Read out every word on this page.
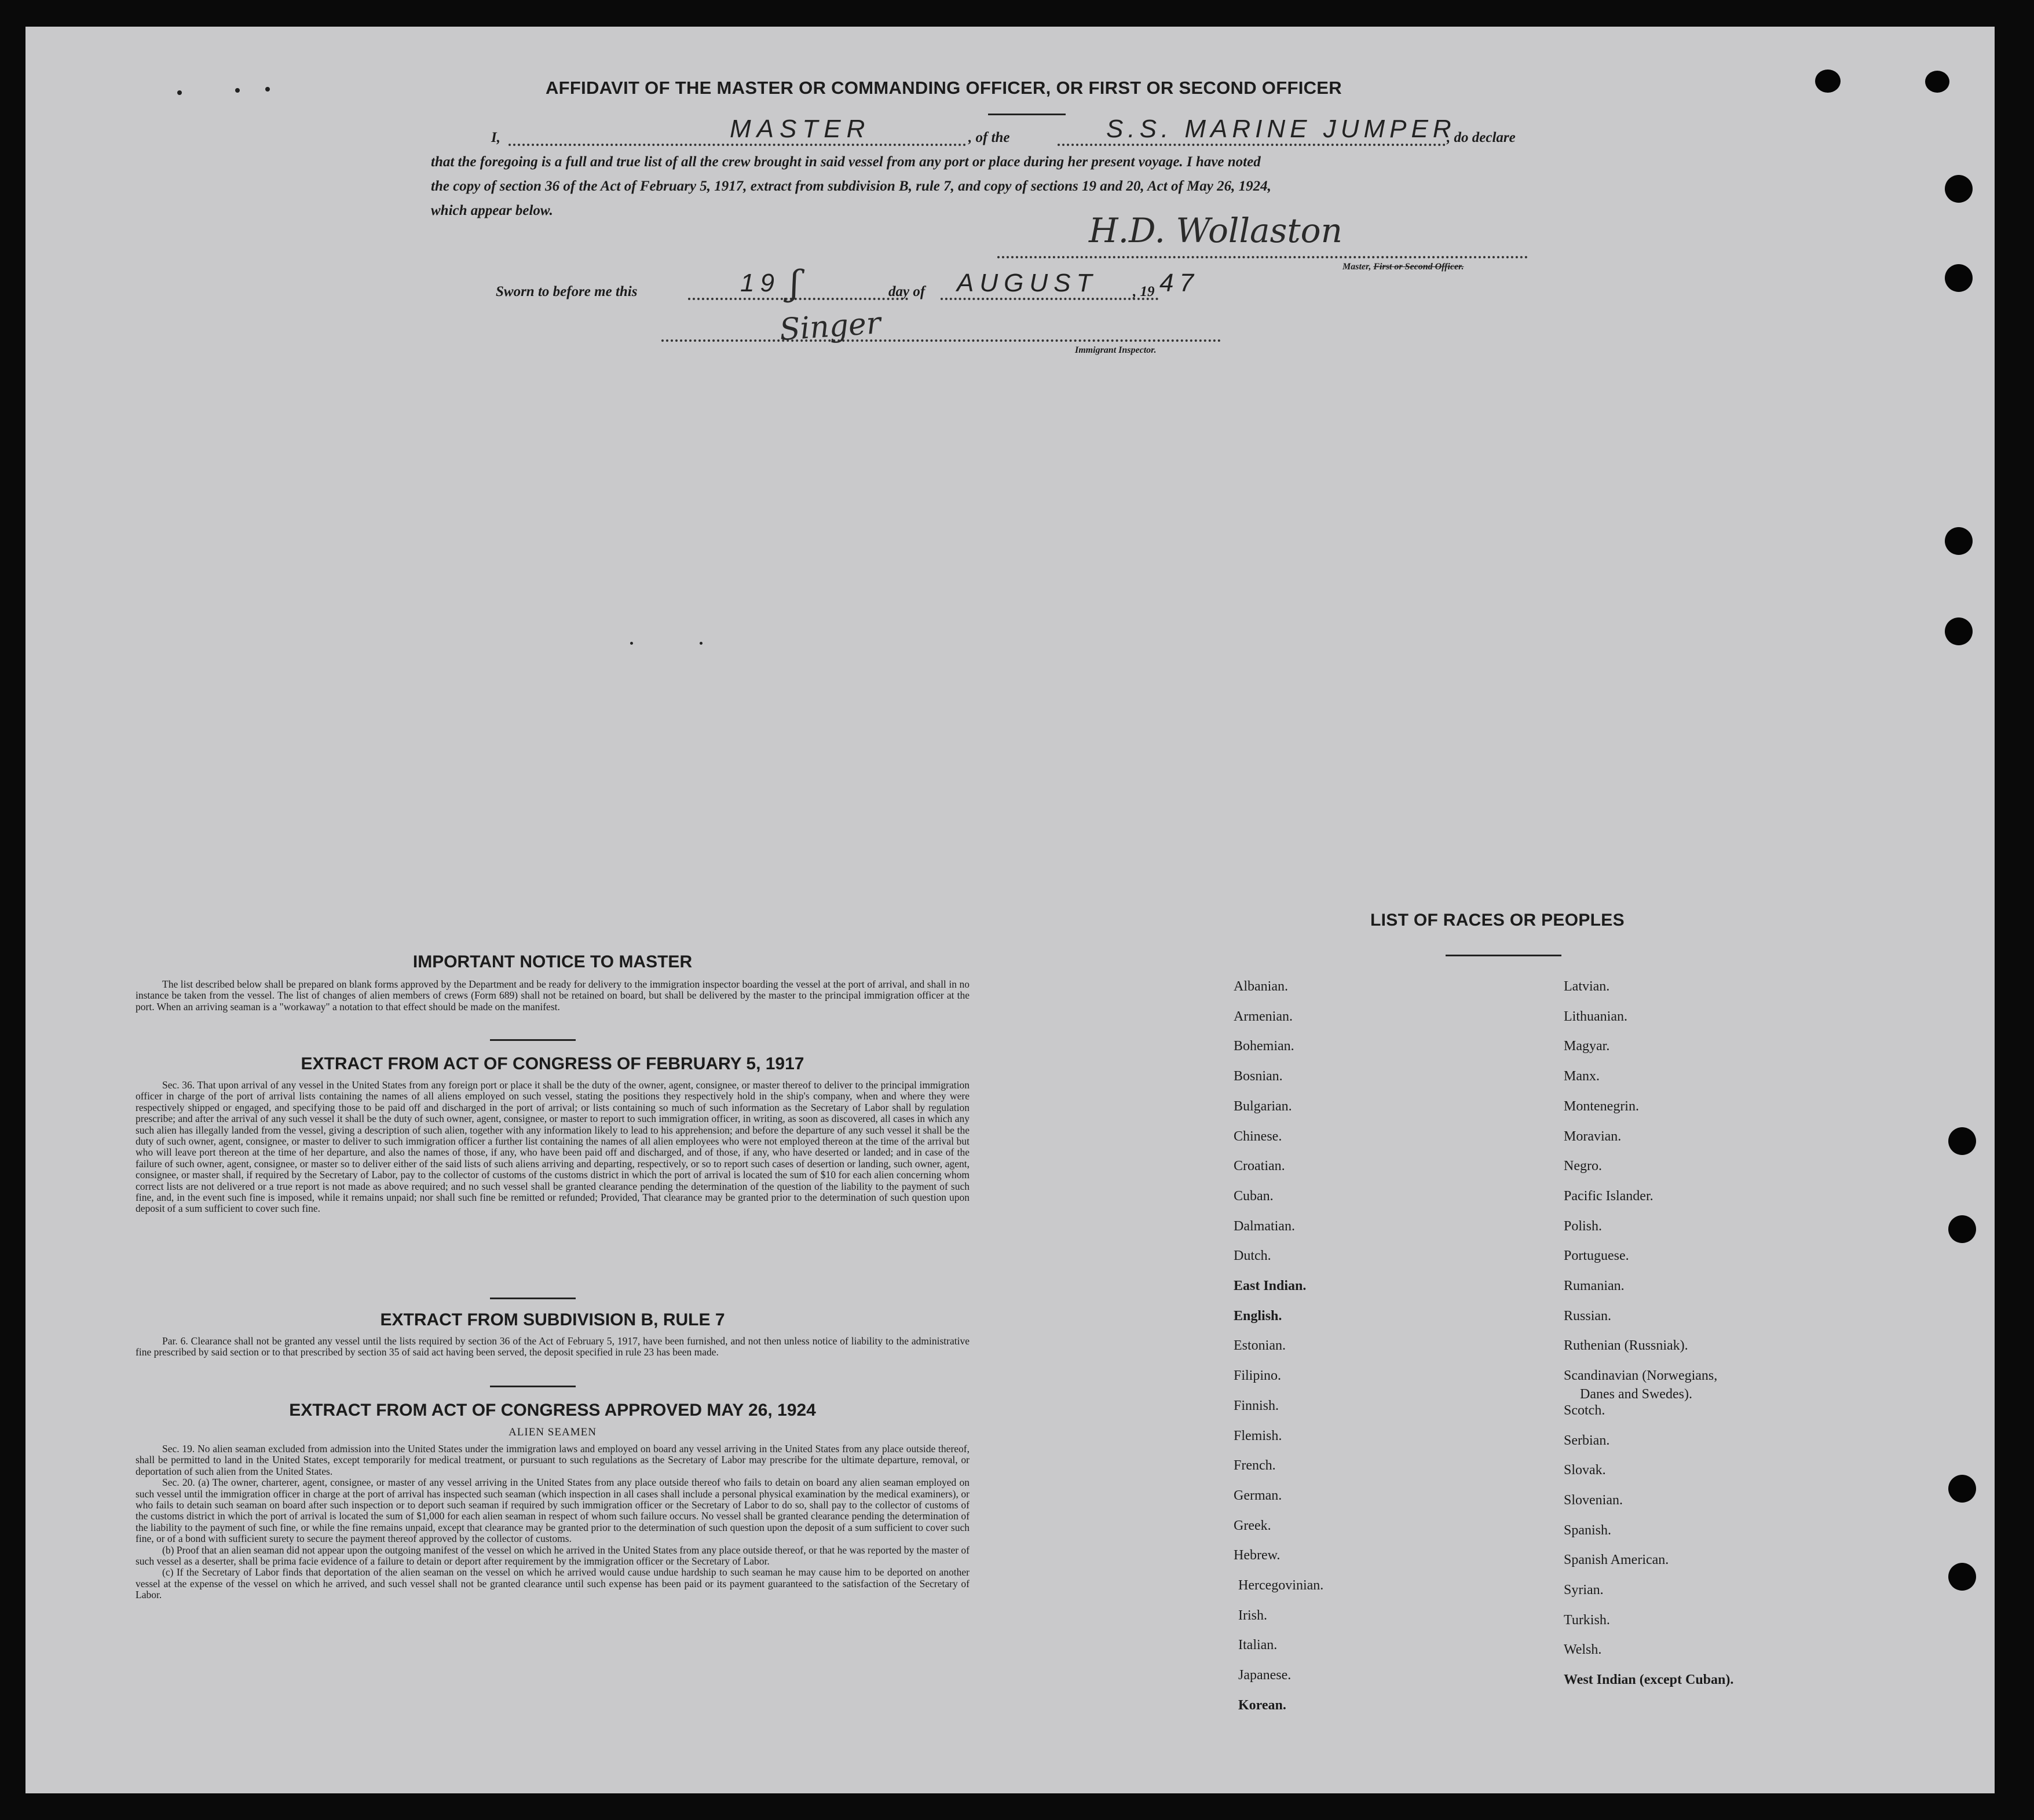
AFFIDAVIT OF THE MASTER OR COMMANDING OFFICER, OR FIRST OR SECOND OFFICER
I,	MASTER	, of the	S.S. MARINE JUMPER
, do declare
that the foregoing is a full and true list of all the crew brought in said vessel from any port or place during her present voyage. I have noted
the copy of section 36 of the Act of February 5, 1917, extract from subdivision B, rule 7, and copy of sections 19 and 20, Act of May 26, 1924,
which appear below.
H.D. Wollaston
Master, First or Second Officer.
Sworn to before me this	19 ʃ	day of AUGUST , 19 47
Singer
Immigrant Inspector.
IMPORTANT NOTICE TO MASTER
The list described below shall be prepared on blank forms approved by the Department and be ready for delivery to the immigration inspector boarding the vessel at the port of arrival, and shall in no instance be taken from the vessel. The list of changes of alien members of crews (Form 689) shall not be retained on board, but shall be delivered by the master to the principal immigration officer at the port. When an arriving seaman is a "workaway" a notation to that effect should be made on the manifest.
EXTRACT FROM ACT OF CONGRESS OF FEBRUARY 5, 1917
Sec. 36. That upon arrival of any vessel in the United States from any foreign port or place it shall be the duty of the owner, agent, consignee, or master thereof to deliver to the principal immigration officer in charge of the port of arrival lists containing the names of all aliens employed on such vessel, stating the positions they respectively hold in the ship's company, when and where they were respectively shipped or engaged, and specifying those to be paid off and discharged in the port of arrival; or lists containing so much of such information as the Secretary of Labor shall by regulation prescribe; and after the arrival of any such vessel it shall be the duty of such owner, agent, consignee, or master to report to such immigration officer, in writing, as soon as discovered, all cases in which any such alien has illegally landed from the vessel, giving a description of such alien, together with any information likely to lead to his apprehension; and before the departure of any such vessel it shall be the duty of such owner, agent, consignee, or master to deliver to such immigration officer a further list containing the names of all alien employees who were not employed thereon at the time of the arrival but who will leave port thereon at the time of her departure, and also the names of those, if any, who have been paid off and discharged, and of those, if any, who have deserted or landed; and in case of the failure of such owner, agent, consignee, or master so to deliver either of the said lists of such aliens arriving and departing, respectively, or so to report such cases of desertion or landing, such owner, agent, consignee, or master shall, if required by the Secretary of Labor, pay to the collector of customs of the customs district in which the port of arrival is located the sum of $10 for each alien concerning whom correct lists are not delivered or a true report is not made as above required; and no such vessel shall be granted clearance pending the determination of the question of the liability to the payment of such fine, and, in the event such fine is imposed, while it remains unpaid; nor shall such fine be remitted or refunded; Provided, That clearance may be granted prior to the determination of such question upon deposit of a sum sufficient to cover such fine.
EXTRACT FROM SUBDIVISION B, RULE 7
Par. 6. Clearance shall not be granted any vessel until the lists required by section 36 of the Act of February 5, 1917, have been furnished, and not then unless notice of liability to the administrative fine prescribed by said section or to that prescribed by section 35 of said act having been served, the deposit specified in rule 23 has been made.
EXTRACT FROM ACT OF CONGRESS APPROVED MAY 26, 1924
ALIEN SEAMEN
Sec. 19. No alien seaman excluded from admission into the United States under the immigration laws and employed on board any vessel arriving in the United States from any place outside thereof, shall be permitted to land in the United States, except temporarily for medical treatment, or pursuant to such regulations as the Secretary of Labor may prescribe for the ultimate departure, removal, or deportation of such alien from the United States.
Sec. 20. (a) The owner, charterer, agent, consignee, or master of any vessel arriving in the United States from any place outside thereof who fails to detain on board any alien seaman employed on such vessel until the immigration officer in charge at the port of arrival has inspected such seaman (which inspection in all cases shall include a personal physical examination by the medical examiners), or who fails to detain such seaman on board after such inspection or to deport such seaman if required by such immigration officer or the Secretary of Labor to do so, shall pay to the collector of customs of the customs district in which the port of arrival is located the sum of $1,000 for each alien seaman in respect of whom such failure occurs. No vessel shall be granted clearance pending the determination of the liability to the payment of such fine, or while the fine remains unpaid, except that clearance may be granted prior to the determination of such question upon the deposit of a sum sufficient to cover such fine, or of a bond with sufficient surety to secure the payment thereof approved by the collector of customs.
(b) Proof that an alien seaman did not appear upon the outgoing manifest of the vessel on which he arrived in the United States from any place outside thereof, or that he was reported by the master of such vessel as a deserter, shall be prima facie evidence of a failure to detain or deport after requirement by the immigration officer or the Secretary of Labor.
(c) If the Secretary of Labor finds that deportation of the alien seaman on the vessel on which he arrived would cause undue hardship to such seaman he may cause him to be deported on another vessel at the expense of the vessel on which he arrived, and such vessel shall not be granted clearance until such expense has been paid or its payment guaranteed to the satisfaction of the Secretary of Labor.
LIST OF RACES OR PEOPLES
Albanian.
Armenian.
Bohemian.
Bosnian.
Bulgarian.
Chinese.
Croatian.
Cuban.
Dalmatian.
Dutch.
East Indian.
English.
Estonian.
Filipino.
Finnish.
Flemish.
French.
German.
Greek.
Hebrew.
Hercegovinian.
Irish.
Italian.
Japanese.
Korean.
Latvian.
Lithuanian.
Magyar.
Manx.
Montenegrin.
Moravian.
Negro.
Pacific Islander.
Polish.
Portuguese.
Rumanian.
Russian.
Ruthenian (Russniak).
Scandinavian (Norwegians,
Danes and Swedes).
Scotch.
Serbian.
Slovak.
Slovenian.
Spanish.
Spanish American.
Syrian.
Turkish.
Welsh.
West Indian (except Cuban).
